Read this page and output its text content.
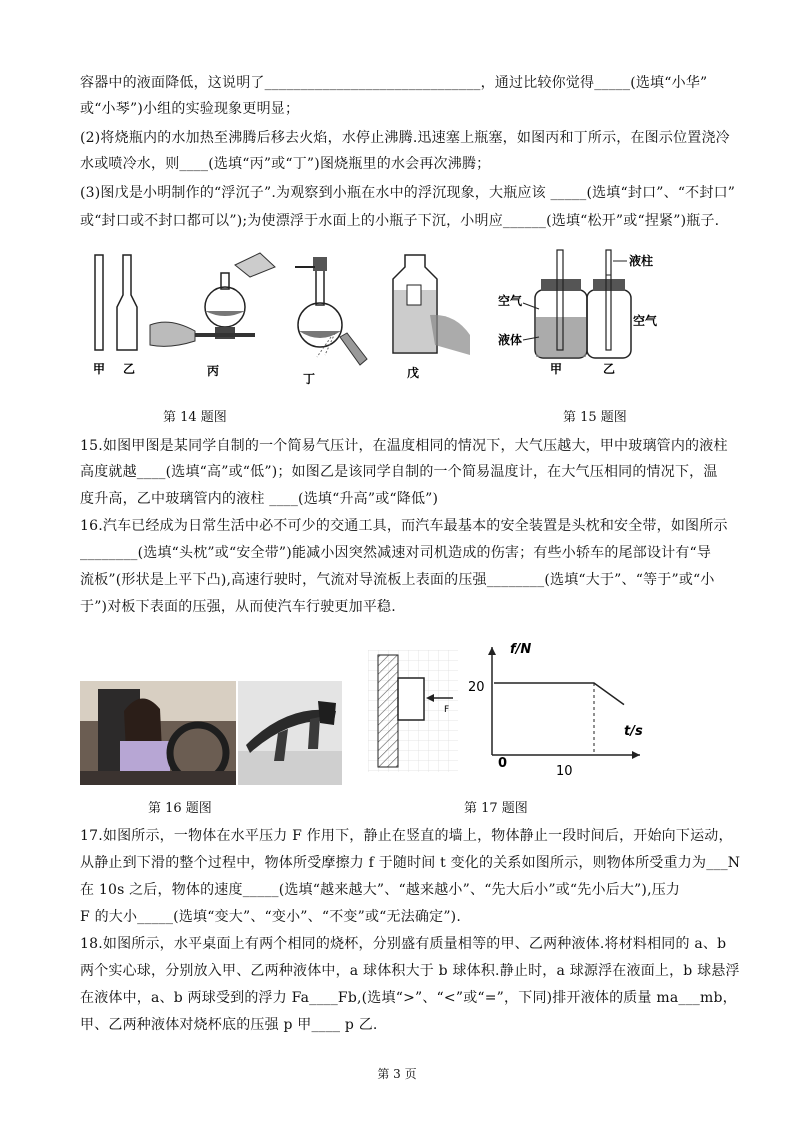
容器中的液面降低，这说明了______________________________，通过比较你觉得_____(选填“小华”
或“小琴”)小组的实验现象更明显；
(2)将烧瓶内的水加热至沸腾后移去火焰，水停止沸腾.迅速塞上瓶塞，如图丙和丁所示，在图示位置浇冷
水或喷冷水，则____(选填“丙”或“丁”)图烧瓶里的水会再次沸腾；
(3)图戊是小明制作的“浮沉子”.为观察到小瓶在水中的浮沉现象，大瓶应该 _____(选填“封口”、“不封口”
或“封口或不封口都可以”);为使漂浮于水面上的小瓶子下沉，小明应______(选填“松开”或“捏紧”)瓶子.
甲 乙	丙
丁	戊
空气
液体
液柱
空气
甲	乙
第 14 题图	第 15 题图
15.如图甲图是某同学自制的一个简易气压计，在温度相同的情况下，大气压越大，甲中玻璃管内的液柱
高度就越____(选填“高”或“低”)；如图乙是该同学自制的一个简易温度计，在大气压相同的情况下，温
度升高，乙中玻璃管内的液柱 ____(选填“升高”或“降低”)
16.汽车已经成为日常生活中必不可少的交通工具，而汽车最基本的安全装置是头枕和安全带，如图所示
________(选填“头枕”或“安全带”)能减小因突然减速对司机造成的伤害；有些小轿车的尾部设计有“导
流板”(形状是上平下凸),高速行驶时，气流对导流板上表面的压强________(选填“大于”、“等于”或“小
于”)对板下表面的压强，从而使汽车行驶更加平稳.
F
f/N
t/s
20
0
10
第 16 题图	第 17 题图
17.如图所示，一物体在水平压力 F 作用下，静止在竖直的墙上，物体静止一段时间后，开始向下运动，
从静止到下滑的整个过程中，物体所受摩擦力 f 于随时间 t 变化的关系如图所示，则物体所受重力为___N
在 10s 之后，物体的速度_____(选填“越来越大”、“越来越小”、“先大后小”或“先小后大”),压力
F 的大小_____(选填“变大”、“变小”、“不变”或“无法确定”).
18.如图所示，水平桌面上有两个相同的烧杯，分别盛有质量相等的甲、乙两种液体.将材料相同的 a、b
两个实心球，分别放入甲、乙两种液体中，a 球体积大于 b 球体积.静止时，a 球源浮在液面上，b 球悬浮
在液体中，a、b 两球受到的浮力 Fa____Fb,(选填“>”、“<”或“=”，下同)排开液体的质量 ma___mb，
甲、乙两种液体对烧杯底的压强 p 甲____ p 乙.
第 3 页
